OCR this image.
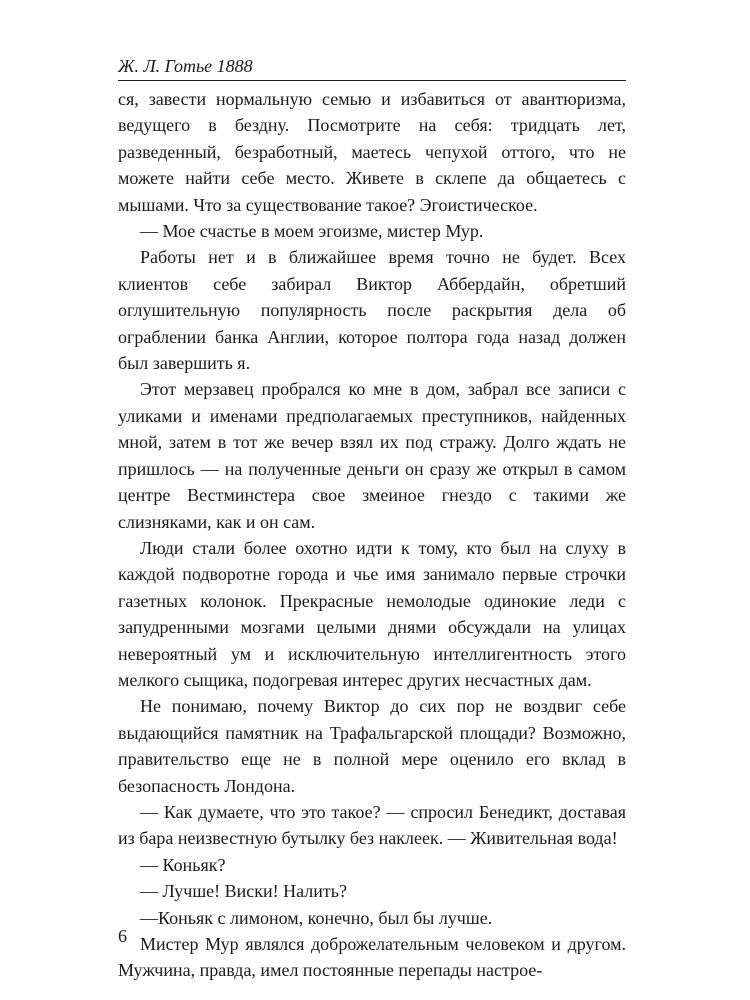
Ж. Л. Готье 1888

ся, завести нормальную семью и избавиться от авантюризма, ведущего в бездну. Посмотрите на себя: тридцать лет, разведенный, безработный, маетесь чепухой оттого, что не можете найти себе место. Живете в склепе да общаетесь с мышами. Что за существование такое? Эгоистическое.

— Мое счастье в моем эгоизме, мистер Мур.

Работы нет и в ближайшее время точно не будет. Всех клиентов себе забирал Виктор Аббердайн, обретший оглушительную популярность после раскрытия дела об ограблении банка Англии, которое полтора года назад должен был завершить я.

Этот мерзавец пробрался ко мне в дом, забрал все записи с уликами и именами предполагаемых преступников, найденных мной, затем в тот же вечер взял их под стражу. Долго ждать не пришлось — на полученные деньги он сразу же открыл в самом центре Вестминстера свое змеиное гнездо с такими же слизняками, как и он сам.

Люди стали более охотно идти к тому, кто был на слуху в каждой подворотне города и чье имя занимало первые строчки газетных колонок. Прекрасные немолодые одинокие леди с запудренными мозгами целыми днями обсуждали на улицах невероятный ум и исключительную интеллигентность этого мелкого сыщика, подогревая интерес других несчастных дам.

Не понимаю, почему Виктор до сих пор не воздвиг себе выдающийся памятник на Трафальгарской площади? Возможно, правительство еще не в полной мере оценило его вклад в безопасность Лондона.

— Как думаете, что это такое? — спросил Бенедикт, доставая из бара неизвестную бутылку без наклеек. — Живительная вода!

— Коньяк?

— Лучше! Виски! Налить?

—Коньяк с лимоном, конечно, был бы лучше.

Мистер Мур являлся доброжелательным человеком и другом. Мужчина, правда, имел постоянные перепады настрое-

6
